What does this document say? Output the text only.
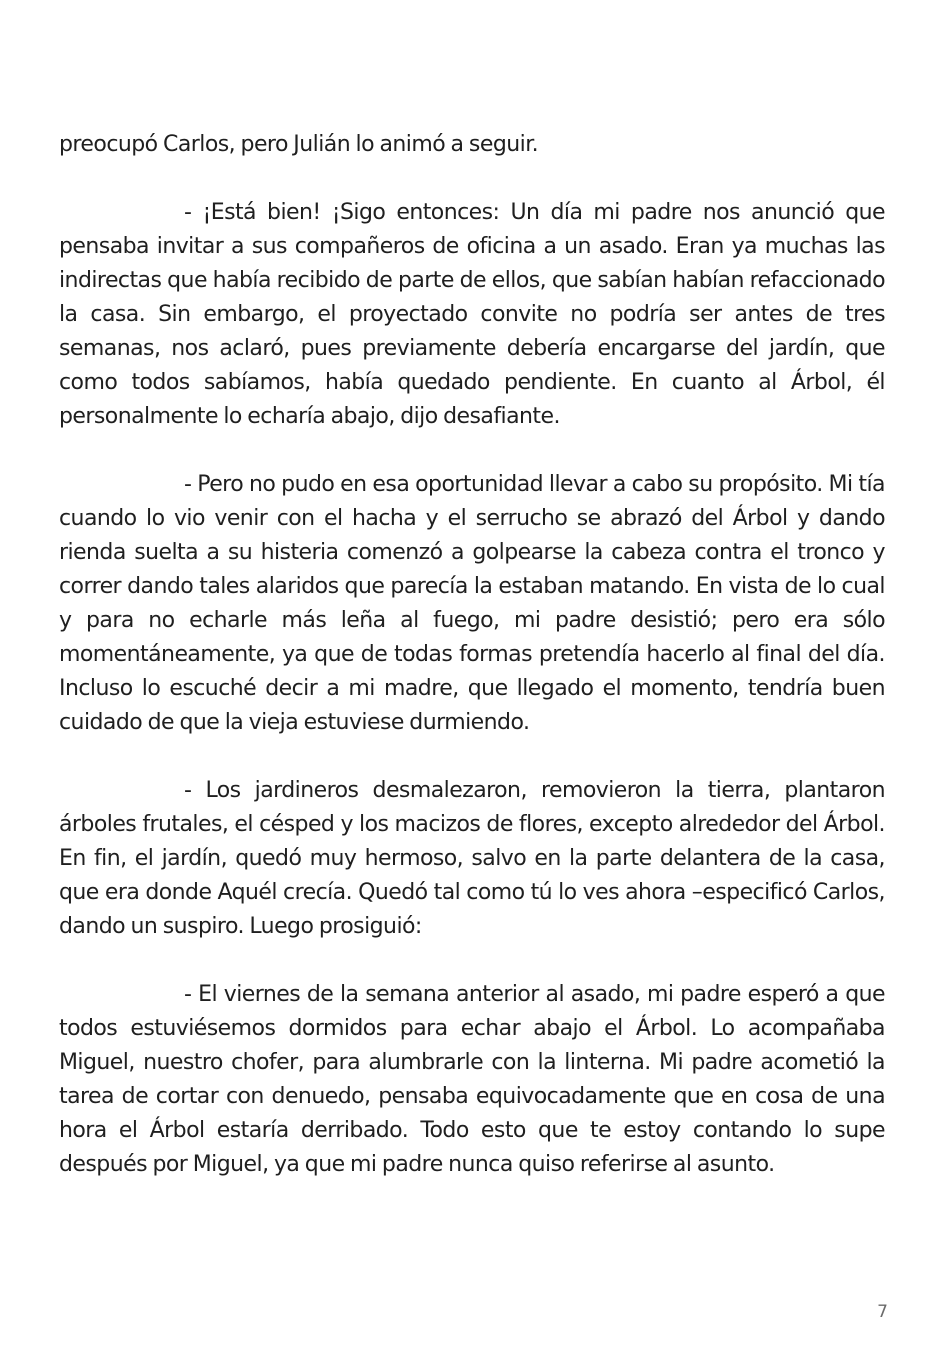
preocupó Carlos, pero Julián lo animó a seguir.

- ¡Está bien! ¡Sigo entonces: Un día mi padre nos anunció que pensaba invitar a sus compañeros de oficina a un asado. Eran ya muchas las indirectas que había recibido de parte de ellos, que sabían habían refaccionado la casa. Sin embargo, el proyectado convite no podría ser antes de tres semanas, nos aclaró, pues previamente debería encargarse del jardín, que como todos sabíamos, había quedado pendiente. En cuanto al Árbol, él personalmente lo echaría abajo, dijo desafiante.

- Pero no pudo en esa oportunidad llevar a cabo su propósito. Mi tía cuando lo vio venir con el hacha y el serrucho se abrazó del Árbol y dando rienda suelta a su histeria comenzó a golpearse la cabeza contra el tronco y correr dando tales alaridos que parecía la estaban matando. En vista de lo cual y para no echarle más leña al fuego, mi padre desistió; pero era sólo momentáneamente, ya que de todas formas pretendía hacerlo al final del día. Incluso lo escuché decir a mi madre, que llegado el momento, tendría buen cuidado de que la vieja estuviese durmiendo.

- Los jardineros desmalezaron, removieron la tierra, plantaron árboles frutales, el césped y los macizos de flores, excepto alrededor del Árbol. En fin, el jardín, quedó muy hermoso, salvo en la parte delantera de la casa, que era donde Aquél crecía. Quedó tal como tú lo ves ahora –especificó Carlos, dando un suspiro. Luego prosiguió:

- El viernes de la semana anterior al asado, mi padre esperó a que todos estuviésemos dormidos para echar abajo el Árbol. Lo acompañaba Miguel, nuestro chofer, para alumbrarle con la linterna. Mi padre acometió la tarea de cortar con denuedo, pensaba equivocadamente que en cosa de una hora el Árbol estaría derribado. Todo esto que te estoy contando lo supe después por Miguel, ya que mi padre nunca quiso referirse al asunto.

7
